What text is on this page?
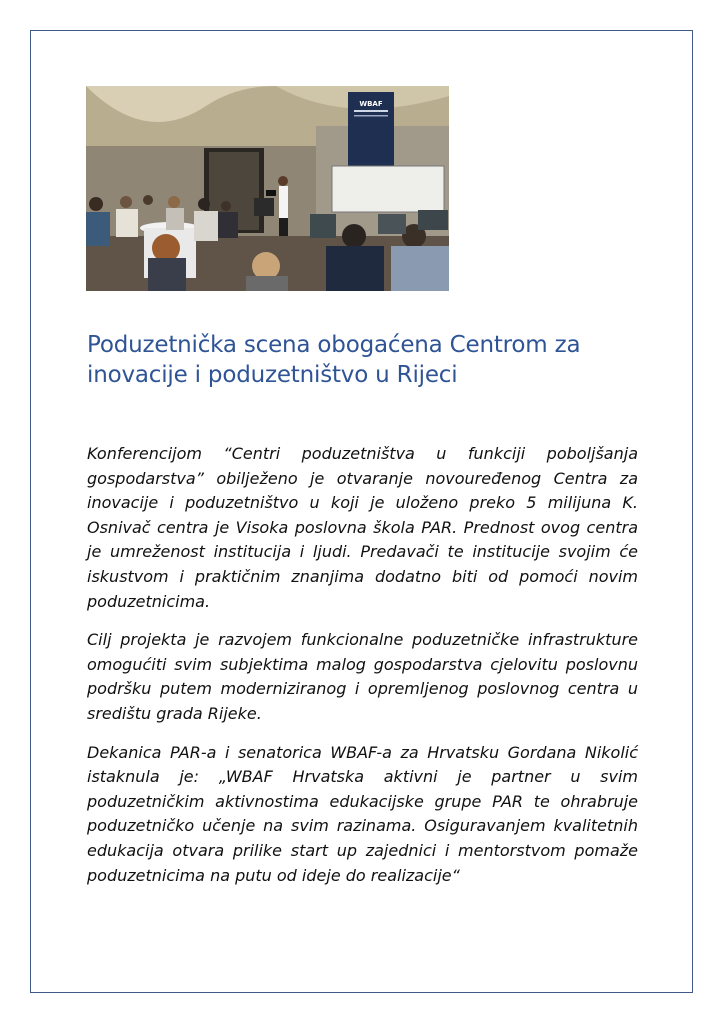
WBAF
Poduzetnička scena obogaćena Centrom za inovacije i poduzetništvo u Rijeci

Konferencijom “Centri poduzetništva u funkciji poboljšanja gospodarstva” obilježeno je otvaranje novouređenog Centra za inovacije i poduzetništvo u koji je uloženo preko 5 milijuna K. Osnivač centra je Visoka poslovna škola PAR. Prednost ovog centra je umreženost institucija i ljudi. Predavači te institucije svojim će iskustvom i praktičnim znanjima dodatno biti od pomoći novim poduzetnicima.

Cilj projekta je razvojem funkcionalne poduzetničke infrastrukture omogućiti svim subjektima malog gospodarstva cjelovitu poslovnu podršku putem moderniziranog i opremljenog poslovnog centra u središtu grada Rijeke.

Dekanica PAR-a i senatorica WBAF-a za Hrvatsku Gordana Nikolić istaknula je: „WBAF Hrvatska aktivni je partner u svim poduzetničkim aktivnostima edukacijske grupe PAR te ohrabruje poduzetničko učenje na svim razinama. Osiguravanjem kvalitetnih edukacija otvara prilike start up zajednici i mentorstvom pomaže poduzetnicima na putu od ideje do realizacije“
